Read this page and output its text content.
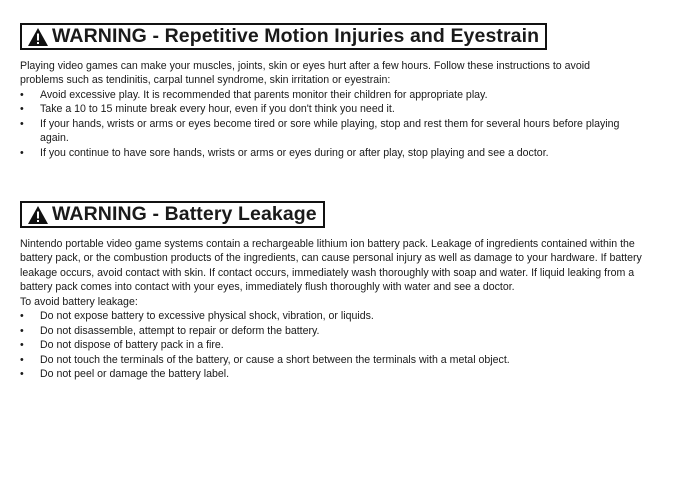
WARNING - Repetitive Motion Injuries and Eyestrain

Playing video games can make your muscles, joints, skin or eyes hurt after a few hours. Follow these instructions to avoid problems such as tendinitis, carpal tunnel syndrome, skin irritation or eyestrain:

• Avoid excessive play. It is recommended that parents monitor their children for appropriate play.
• Take a 10 to 15 minute break every hour, even if you don't think you need it.
• If your hands, wrists or arms or eyes become tired or sore while playing, stop and rest them for several hours before playing again.
• If you continue to have sore hands, wrists or arms or eyes during or after play, stop playing and see a doctor.
WARNING - Battery Leakage

Nintendo portable video game systems contain a rechargeable lithium ion battery pack. Leakage of ingredients contained within the battery pack, or the combustion products of the ingredients, can cause personal injury as well as damage to your hardware. If battery leakage occurs, avoid contact with skin. If contact occurs, immediately wash thoroughly with soap and water. If liquid leaking from a battery pack comes into contact with your eyes, immediately flush thoroughly with water and see a doctor.

To avoid battery leakage:

• Do not expose battery to excessive physical shock, vibration, or liquids.
• Do not disassemble, attempt to repair or deform the battery.
• Do not dispose of battery pack in a fire.
• Do not touch the terminals of the battery, or cause a short between the terminals with a metal object.
• Do not peel or damage the battery label.
